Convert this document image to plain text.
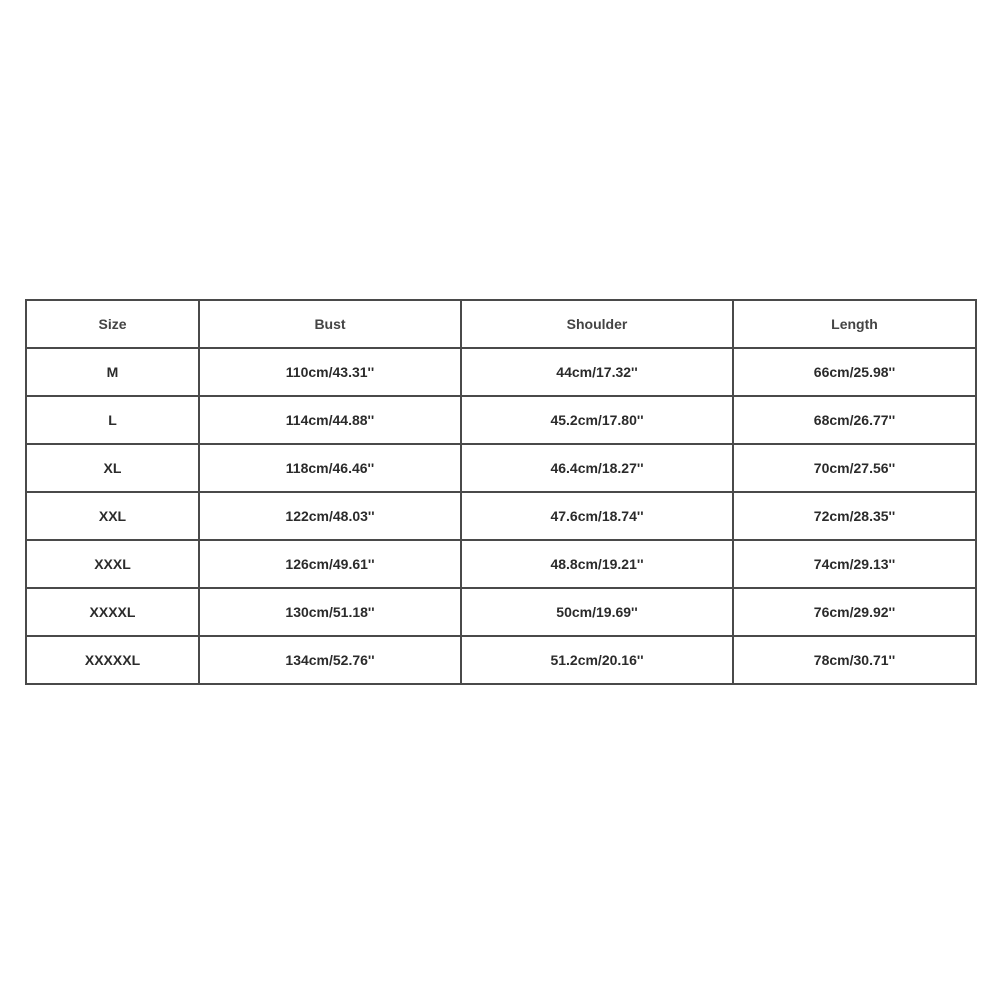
Size	Bust	Shoulder	Length
M	110cm/43.31''	44cm/17.32''	66cm/25.98''
L	114cm/44.88''	45.2cm/17.80''	68cm/26.77''
XL	118cm/46.46''	46.4cm/18.27''	70cm/27.56''
XXL	122cm/48.03''	47.6cm/18.74''	72cm/28.35''
XXXL	126cm/49.61''	48.8cm/19.21''	74cm/29.13''
XXXXL	130cm/51.18''	50cm/19.69''	76cm/29.92''
XXXXXL	134cm/52.76''	51.2cm/20.16''	78cm/30.71''
